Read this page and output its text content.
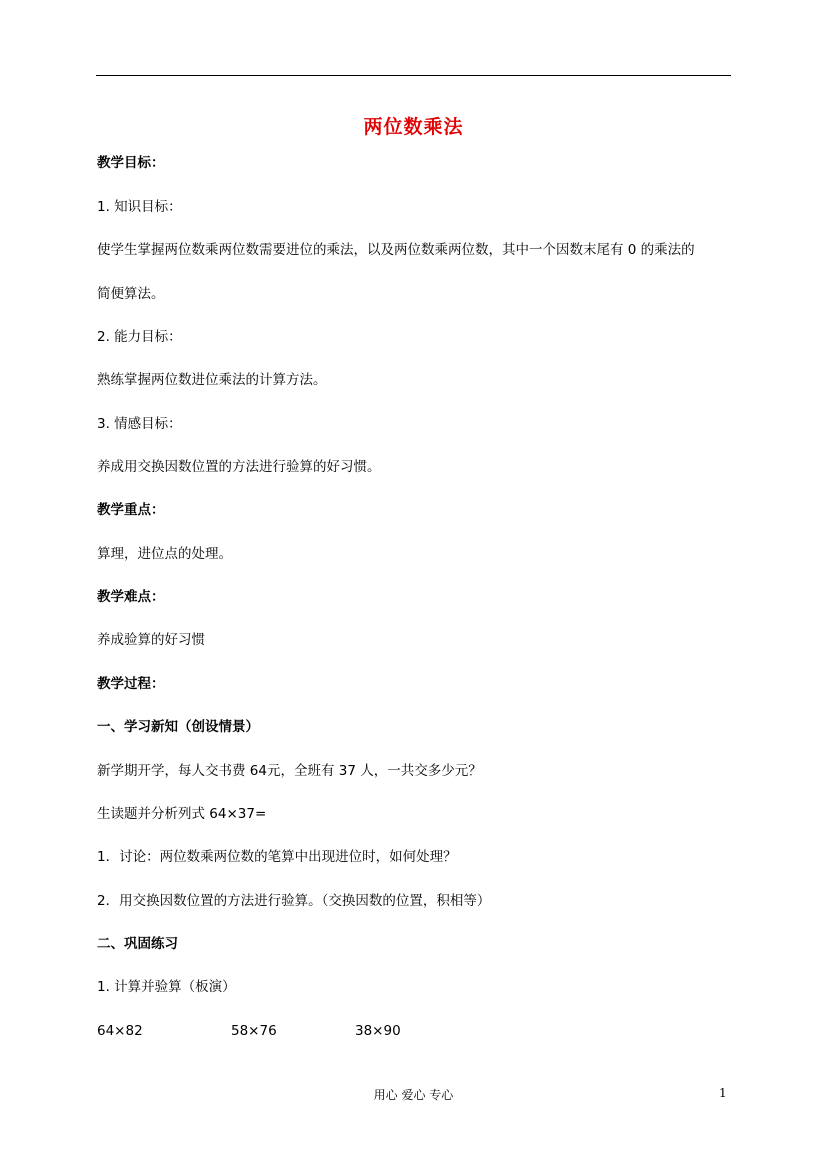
两位数乘法
教学目标：
1. 知识目标：
使学生掌握两位数乘两位数需要进位的乘法，以及两位数乘两位数，其中一个因数末尾有 0 的乘法的
简便算法。
2. 能力目标：
熟练掌握两位数进位乘法的计算方法。
3. 情感目标：
养成用交换因数位置的方法进行验算的好习惯。
教学重点：
算理，进位点的处理。
教学难点：
养成验算的好习惯
教学过程：
一、学习新知（创设情景）
新学期开学，每人交书费 64元，全班有 37 人，一共交多少元？
生读题并分析列式 64×37=
1．讨论：两位数乘两位数的笔算中出现进位时，如何处理？
2．用交换因数位置的方法进行验算。（交换因数的位置，积相等）
二、巩固练习
1. 计算并验算（板演）
64×82	58×76	38×90
用心 爱心 专心	1
